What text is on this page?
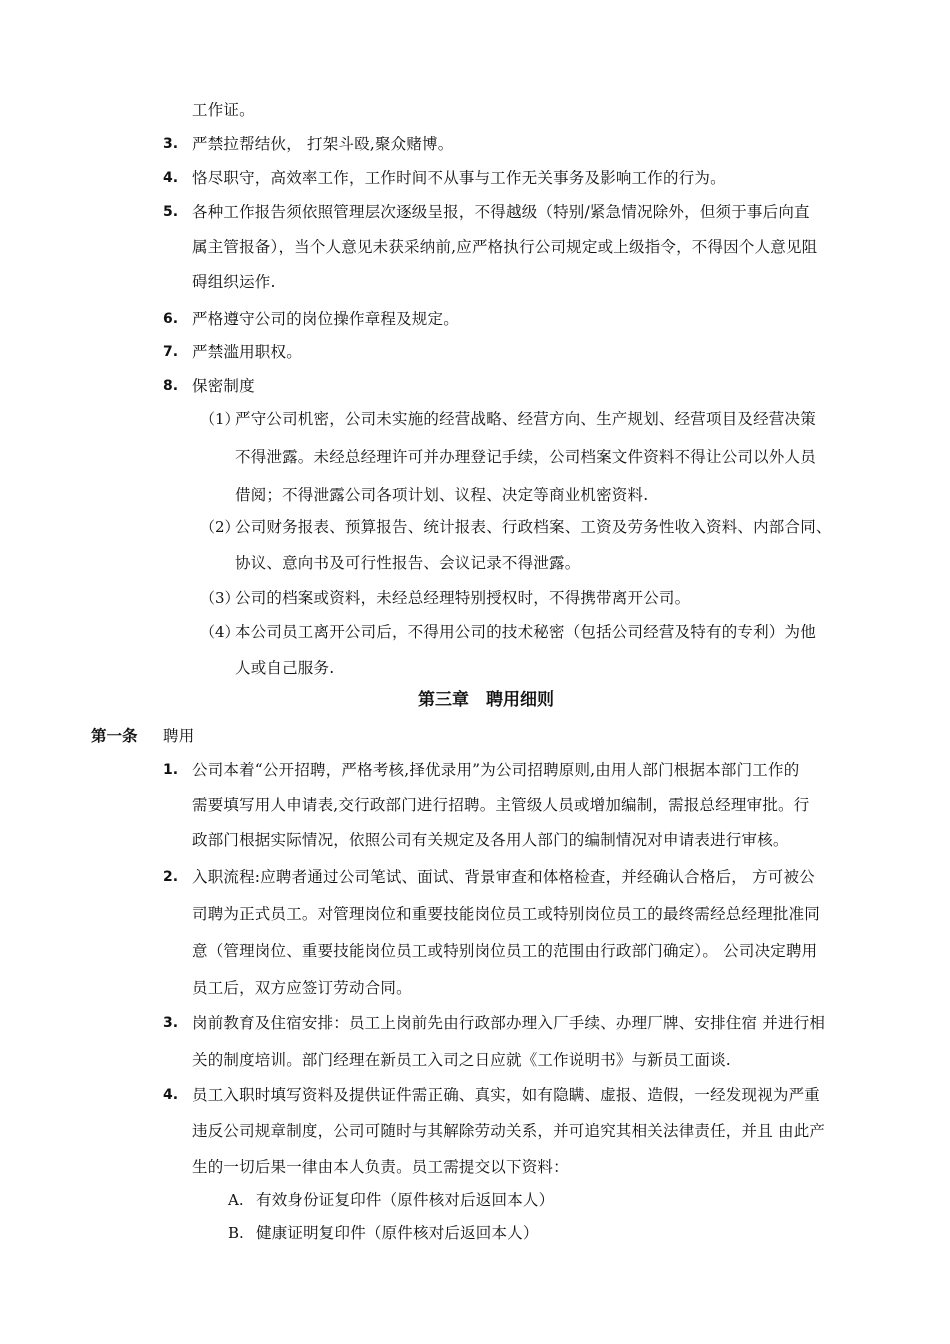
工作证。
3. 严禁拉帮结伙， 打架斗殴,聚众赌博。
4. 恪尽职守，高效率工作，工作时间不从事与工作无关事务及影响工作的行为。
5. 各种工作报告须依照管理层次逐级呈报，不得越级（特别/紧急情况除外，但须于事后向直
属主管报备），当个人意见未获采纳前,应严格执行公司规定或上级指令，不得因个人意见阻
碍组织运作.
6. 严格遵守公司的岗位操作章程及规定。
7. 严禁滥用职权。
8. 保密制度
（1）
严守公司机密，公司未实施的经营战略、经营方向、生产规划、经营项目及经营决策
不得泄露。未经总经理许可并办理登记手续，公司档案文件资料不得让公司以外人员
借阅；不得泄露公司各项计划、议程、决定等商业机密资料.
（2）
公司财务报表、预算报告、统计报表、行政档案、工资及劳务性收入资料、内部合同、
协议、意向书及可行性报告、会议记录不得泄露。
（3）
公司的档案或资料，未经总经理特别授权时，不得携带离开公司。
（4）
本公司员工离开公司后，不得用公司的技术秘密（包括公司经营及特有的专利）为他
人或自己服务.
第三章　聘用细则
第一条 聘用
1. 公司本着“公开招聘，严格考核,择优录用”为公司招聘原则,由用人部门根据本部门工作的
需要填写用人申请表,交行政部门进行招聘。主管级人员或增加编制，需报总经理审批。行
政部门根据实际情况，依照公司有关规定及各用人部门的编制情况对申请表进行审核。
2. 入职流程:应聘者通过公司笔试、面试、背景审查和体格检查，并经确认合格后， 方可被公
司聘为正式员工。对管理岗位和重要技能岗位员工或特别岗位员工的最终需经总经理批准同
意（管理岗位、重要技能岗位员工或特别岗位员工的范围由行政部门确定）。 公司决定聘用
员工后，双方应签订劳动合同。
3. 岗前教育及住宿安排：员工上岗前先由行政部办理入厂手续、办理厂牌、安排住宿 并进行相
关的制度培训。部门经理在新员工入司之日应就《工作说明书》与新员工面谈.
4. 员工入职时填写资料及提供证件需正确、真实，如有隐瞒、虚报、造假，一经发现视为严重
违反公司规章制度，公司可随时与其解除劳动关系，并可追究其相关法律责任，并且 由此产
生的一切后果一律由本人负责。员工需提交以下资料：
A. 有效身份证复印件（原件核对后返回本人）
B. 健康证明复印件（原件核对后返回本人）
